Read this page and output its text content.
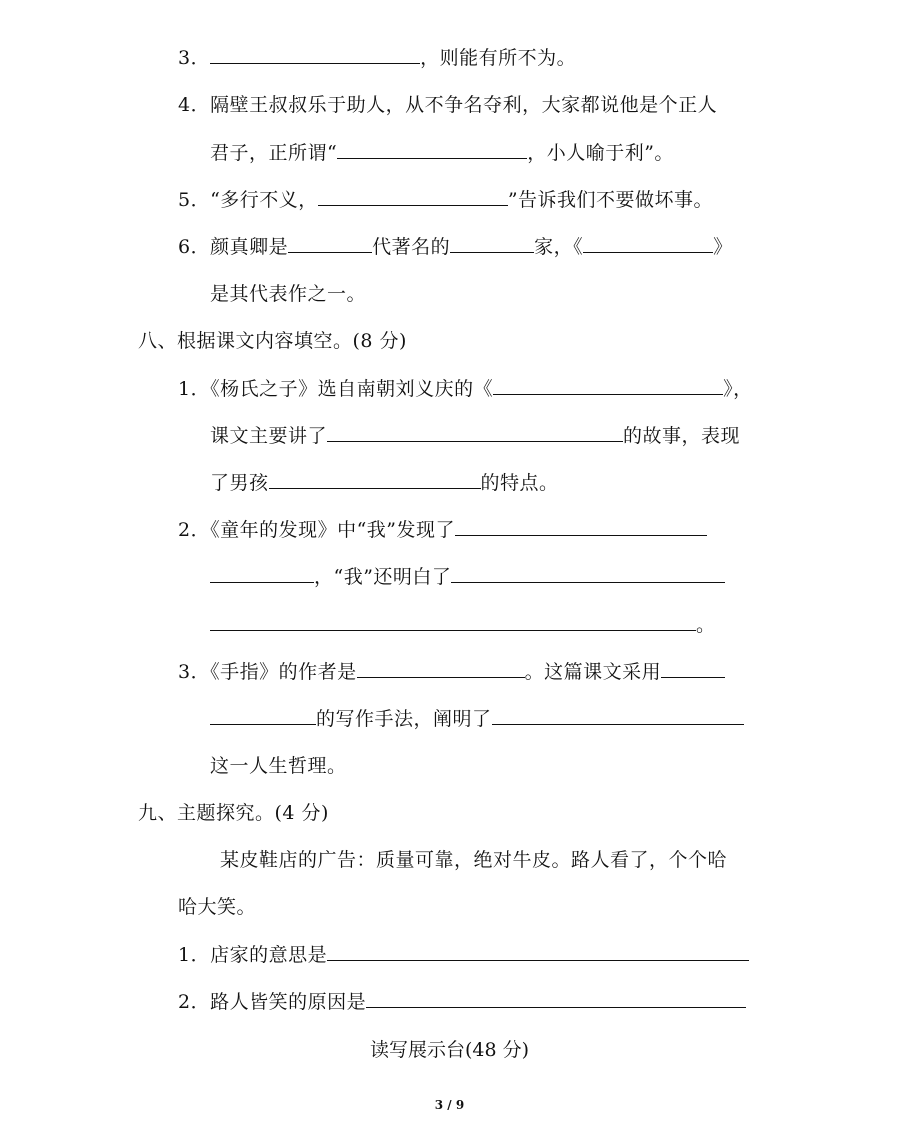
3．	，则能有所不为。
4．隔壁王叔叔乐于助人，从不争名夺利，大家都说他是个正人
君子，正所谓“	，小人喻于利”。
5．“多行不义，	”告诉我们不要做坏事。
6．颜真卿是	代著名的	家，《	》
是其代表作之一。
八、根据课文内容填空。(8 分)
1．《杨氏之子》选自南朝刘义庆的《	》，
课文主要讲了	的故事，表现
了男孩	的特点。
2．《童年的发现》中“我”发现了
，“我”还明白了
。
3．《手指》的作者是	。这篇课文采用
的写作手法，阐明了
这一人生哲理。
九、主题探究。(4 分)
某皮鞋店的广告：质量可靠，绝对牛皮。路人看了，个个哈
哈大笑。
1．店家的意思是
2．路人皆笑的原因是
读写展示台(48 分)
3 / 9
